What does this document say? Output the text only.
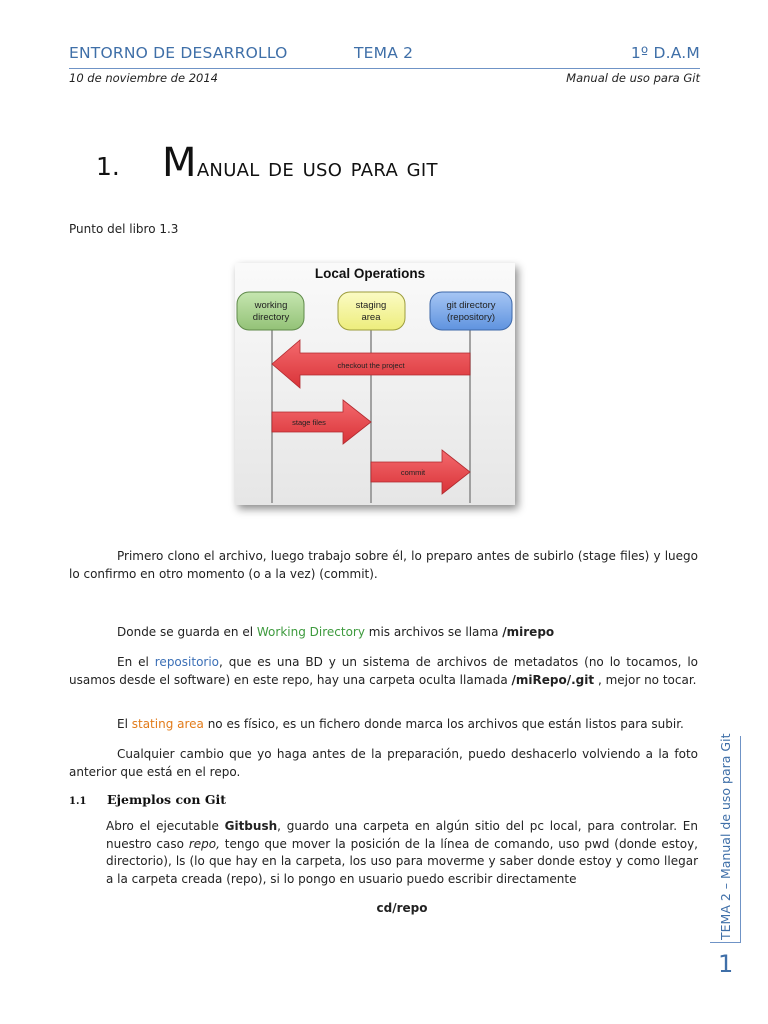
ENTORNO DE DESARROLLO	TEMA 2	1º D.A.M
10 de noviembre de 2014	Manual de uso para Git
1. Manual de uso para git
Punto del libro 1.3
Local Operations
working
directory
staging
area
git directory
(repository)
checkout the project
stage files
commit
Primero clono el archivo, luego trabajo sobre él, lo preparo antes de subirlo (stage files) y luego lo confirmo en otro momento (o a la vez) (commit).
Donde se guarda en el Working Directory mis archivos se llama /mirepo
En el repositorio, que es una BD y un sistema de archivos de metadatos (no lo tocamos, lo usamos desde el software) en este repo, hay una carpeta oculta llamada /miRepo/.git , mejor no tocar.
El stating area no es físico, es un fichero donde marca los archivos que están listos para subir.
Cualquier cambio que yo haga antes de la preparación, puedo deshacerlo volviendo a la foto anterior que está en el repo.
1.1 Ejemplos con Git
Abro el ejecutable Gitbush, guardo una carpeta en algún sitio del pc local, para controlar. En nuestro caso repo, tengo que mover la posición de la línea de comando, uso pwd (donde estoy, directorio), ls (lo que hay en la carpeta, los uso para moverme y saber donde estoy y como llegar a la carpeta creada (repo), si lo pongo en usuario puedo escribir directamente
cd/repo	TEMA 2 – Manual de uso para Git
1
